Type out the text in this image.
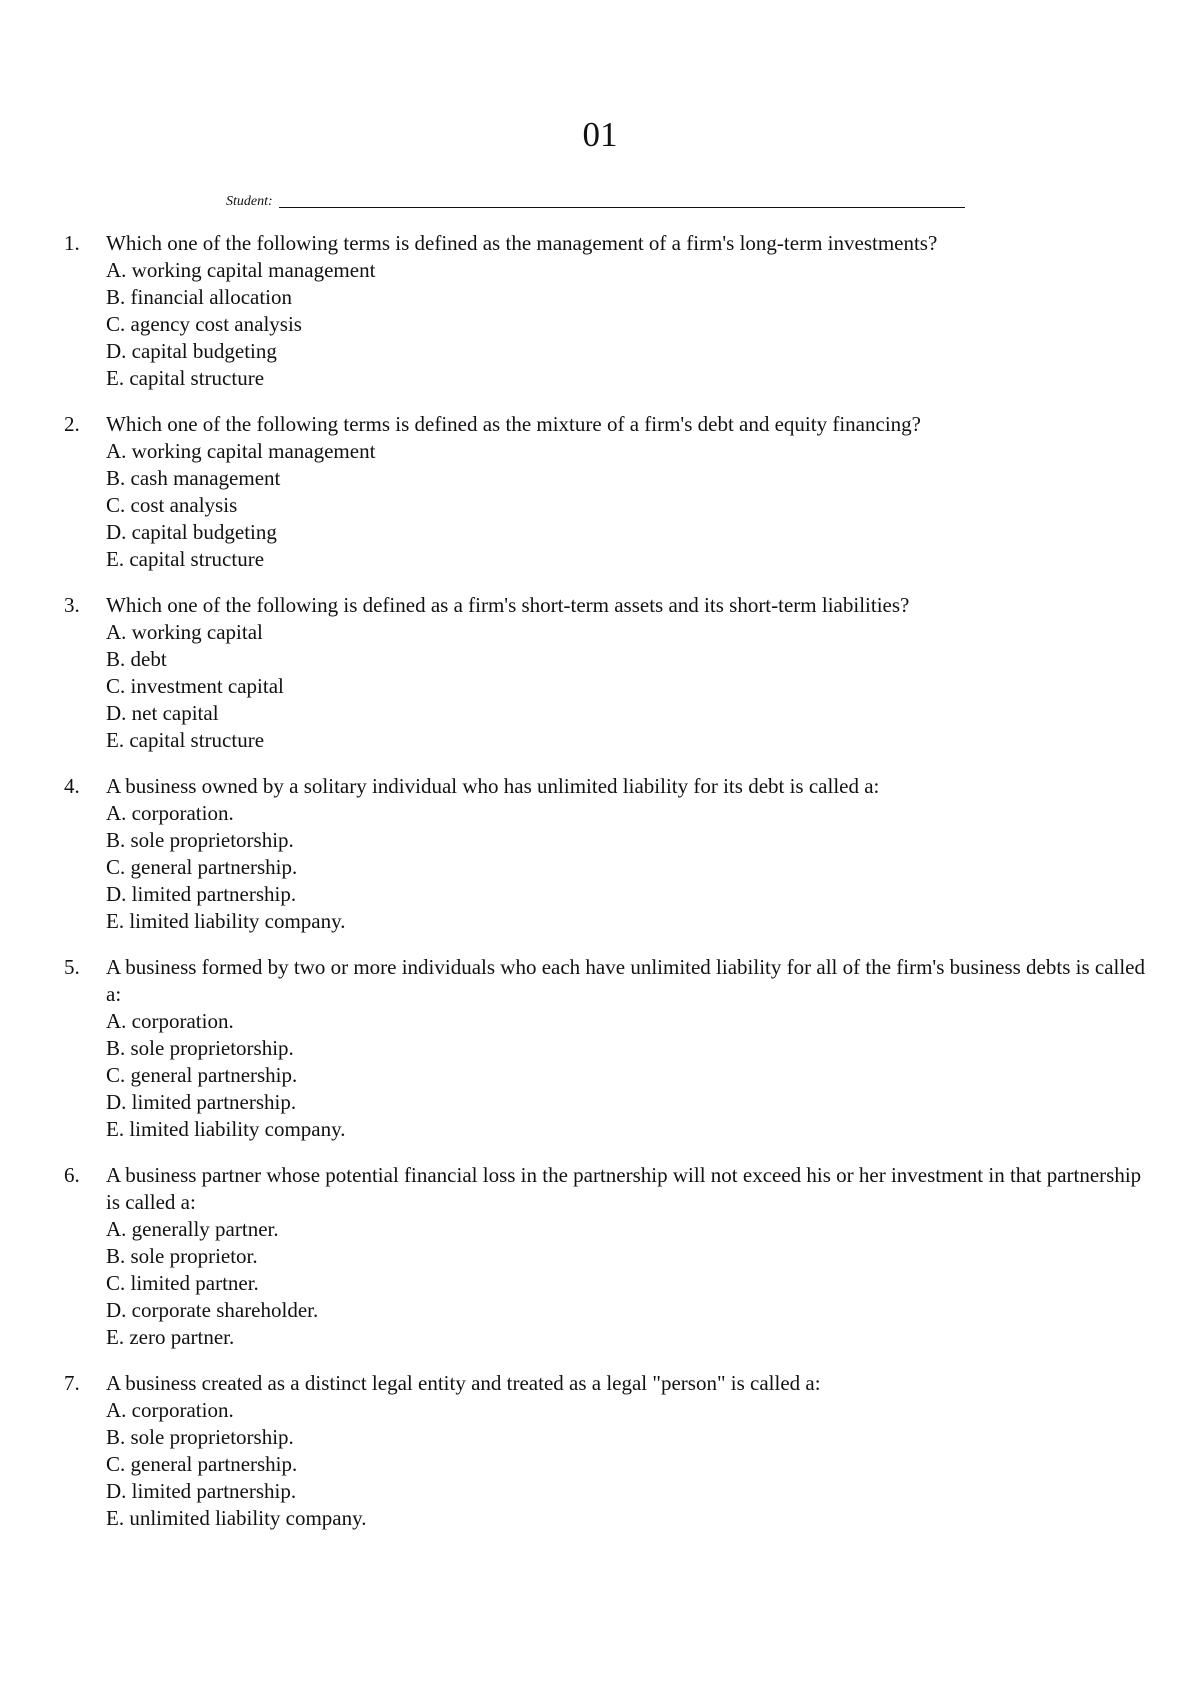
01
Student:
1. Which one of the following terms is defined as the management of a firm's long-term investments?
A. working capital management
B. financial allocation
C. agency cost analysis
D. capital budgeting
E. capital structure
2. Which one of the following terms is defined as the mixture of a firm's debt and equity financing?
A. working capital management
B. cash management
C. cost analysis
D. capital budgeting
E. capital structure
3. Which one of the following is defined as a firm's short-term assets and its short-term liabilities?
A. working capital
B. debt
C. investment capital
D. net capital
E. capital structure
4. A business owned by a solitary individual who has unlimited liability for its debt is called a:
A. corporation.
B. sole proprietorship.
C. general partnership.
D. limited partnership.
E. limited liability company.
5. A business formed by two or more individuals who each have unlimited liability for all of the firm's business debts is called a:
A. corporation.
B. sole proprietorship.
C. general partnership.
D. limited partnership.
E. limited liability company.
6. A business partner whose potential financial loss in the partnership will not exceed his or her investment in that partnership is called a:
A. generally partner.
B. sole proprietor.
C. limited partner.
D. corporate shareholder.
E. zero partner.
7. A business created as a distinct legal entity and treated as a legal "person" is called a:
A. corporation.
B. sole proprietorship.
C. general partnership.
D. limited partnership.
E. unlimited liability company.
